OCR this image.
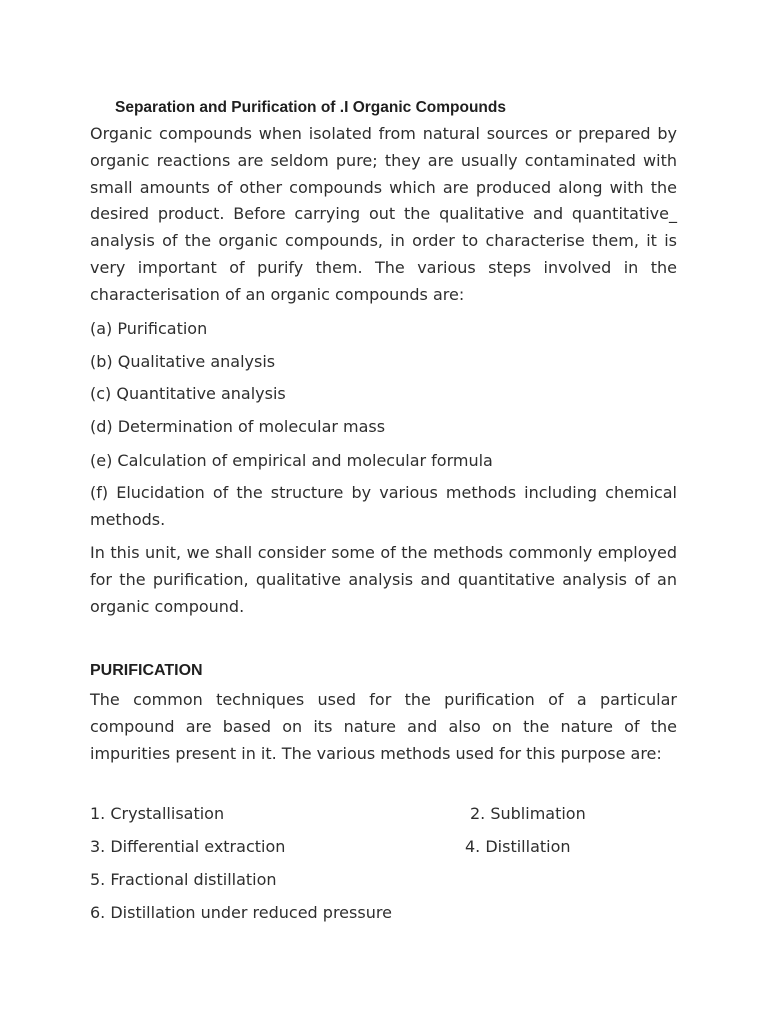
Separation and Purification of .I Organic Compounds

Organic compounds when isolated from natural sources or prepared by organic reactions are seldom pure; they are usually contaminated with small amounts of other compounds which are produced along with the desired product. Before carrying out the qualitative and quantitative_ analysis of the organic compounds, in order to characterise them, it is very important of purify them. The various steps involved in the characterisation of an organic compounds are:

(a) Purification
(b) Qualitative analysis
(c) Quantitative analysis
(d) Determination of molecular mass
(e) Calculation of empirical and molecular formula

(f) Elucidation of the structure by various methods including chemical methods.

In this unit, we shall consider some of the methods commonly employed for the purification, qualitative analysis and quantitative analysis of an organic compound.

PURIFICATION

The common techniques used for the purification of a particular compound are based on its nature and also on the nature of the impurities present in it. The various methods used for this purpose are:

1. Crystallisation	2. Sublimation
3. Differential extraction	4. Distillation
5. Fractional distillation
6. Distillation under reduced pressure
